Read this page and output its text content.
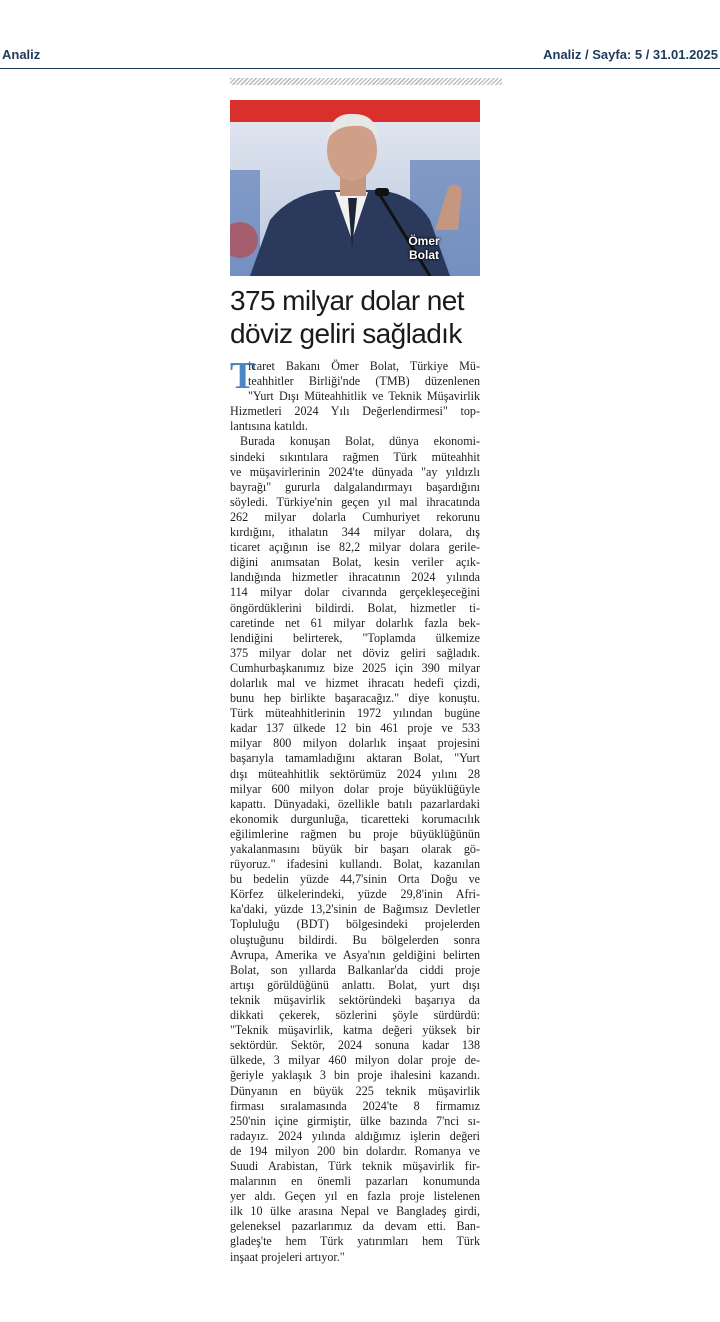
Analiz	Analiz / Sayfa: 5 / 31.01.2025
Ömer
Bolat
375 milyar dolar net
döviz geliri sağladık
T
icaret Bakanı Ömer Bolat, Türkiye Mü-
teahhitler Birliği'nde (TMB) düzenlenen
"Yurt Dışı Müteahhitlik ve Teknik Müşavirlik
Hizmetleri 2024 Yılı Değerlendirmesi" top-
lantısına katıldı.
Burada konuşan Bolat, dünya ekonomi-
sindeki sıkıntılara rağmen Türk müteahhit
ve müşavirlerinin 2024'te dünyada "ay yıldızlı
bayrağı" gururla dalgalandırmayı başardığını
söyledi. Türkiye'nin geçen yıl mal ihracatında
262 milyar dolarla Cumhuriyet rekorunu
kırdığını, ithalatın 344 milyar dolara, dış
ticaret açığının ise 82,2 milyar dolara gerile-
diğini anımsatan Bolat, kesin veriler açık-
landığında hizmetler ihracatının 2024 yılında
114 milyar dolar civarında gerçekleşeceğini
öngördüklerini bildirdi. Bolat, hizmetler ti-
caretinde net 61 milyar dolarlık fazla bek-
lendiğini belirterek, "Toplamda ülkemize
375 milyar dolar net döviz geliri sağladık.
Cumhurbaşkanımız bize 2025 için 390 milyar
dolarlık mal ve hizmet ihracatı hedefi çizdi,
bunu hep birlikte başaracağız." diye konuştu.
Türk müteahhitlerinin 1972 yılından bugüne
kadar 137 ülkede 12 bin 461 proje ve 533
milyar 800 milyon dolarlık inşaat projesini
başarıyla tamamladığını aktaran Bolat, "Yurt
dışı müteahhitlik sektörümüz 2024 yılını 28
milyar 600 milyon dolar proje büyüklüğüyle
kapattı. Dünyadaki, özellikle batılı pazarlardaki
ekonomik durgunluğa, ticaretteki korumacılık
eğilimlerine rağmen bu proje büyüklüğünün
yakalanmasını büyük bir başarı olarak gö-
rüyoruz." ifadesini kullandı. Bolat, kazanılan
bu bedelin yüzde 44,7'sinin Orta Doğu ve
Körfez ülkelerindeki, yüzde 29,8'inin Afri-
ka'daki, yüzde 13,2'sinin de Bağımsız Devletler
Topluluğu (BDT) bölgesindeki projelerden
oluştuğunu bildirdi. Bu bölgelerden sonra
Avrupa, Amerika ve Asya'nın geldiğini belirten
Bolat, son yıllarda Balkanlar'da ciddi proje
artışı görüldüğünü anlattı. Bolat, yurt dışı
teknik müşavirlik sektöründeki başarıya da
dikkati çekerek, sözlerini şöyle sürdürdü:
"Teknik müşavirlik, katma değeri yüksek bir
sektördür. Sektör, 2024 sonuna kadar 138
ülkede, 3 milyar 460 milyon dolar proje de-
ğeriyle yaklaşık 3 bin proje ihalesini kazandı.
Dünyanın en büyük 225 teknik müşavirlik
firması sıralamasında 2024'te 8 firmamız
250'nin içine girmiştir, ülke bazında 7'nci sı-
radayız. 2024 yılında aldığımız işlerin değeri
de 194 milyon 200 bin dolardır. Romanya ve
Suudi Arabistan, Türk teknik müşavirlik fir-
malarının en önemli pazarları konumunda
yer aldı. Geçen yıl en fazla proje listelenen
ilk 10 ülke arasına Nepal ve Bangladeş girdi,
geleneksel pazarlarımız da devam etti. Ban-
gladeş'te hem Türk yatırımları hem Türk
inşaat projeleri artıyor."
